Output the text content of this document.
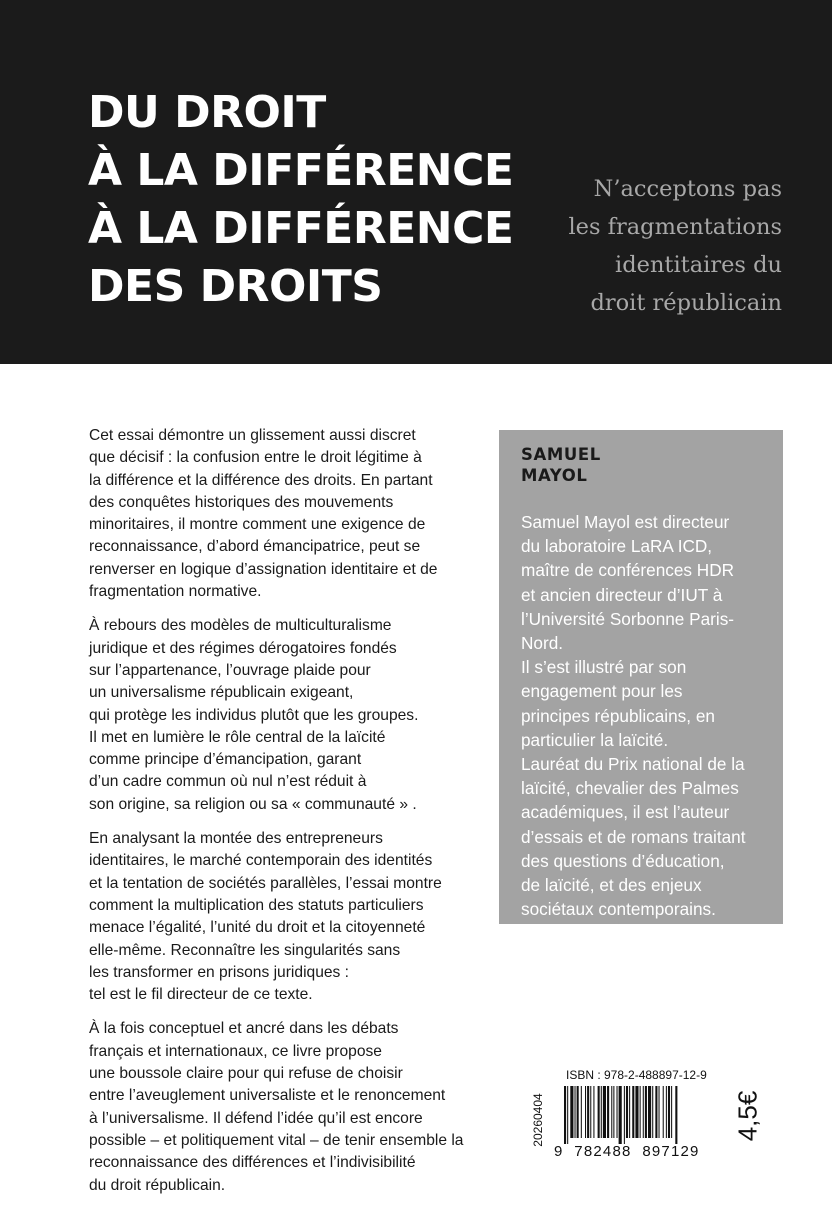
DU DROIT
À LA DIFFÉRENCE
À LA DIFFÉRENCE
DES DROITS
N’acceptons pas
les fragmentations
identitaires du
droit républicain

Cet essai démontre un glissement aussi discret
que décisif : la confusion entre le droit légitime à
la différence et la différence des droits. En partant
des conquêtes historiques des mouvements
minoritaires, il montre comment une exigence de
reconnaissance, d’abord émancipatrice, peut se
renverser en logique d’assignation identitaire et de
fragmentation normative.

À rebours des modèles de multiculturalisme
juridique et des régimes dérogatoires fondés
sur l’appartenance, l’ouvrage plaide pour
un universalisme républicain exigeant,
qui protège les individus plutôt que les groupes.
Il met en lumière le rôle central de la laïcité
comme principe d’émancipation, garant
d’un cadre commun où nul n’est réduit à
son origine, sa religion ou sa « communauté » .

En analysant la montée des entrepreneurs
identitaires, le marché contemporain des identités
et la tentation de sociétés parallèles, l’essai montre
comment la multiplication des statuts particuliers
menace l’égalité, l’unité du droit et la citoyenneté
elle-même. Reconnaître les singularités sans
les transformer en prisons juridiques :
tel est le fil directeur de ce texte.

À la fois conceptuel et ancré dans les débats
français et internationaux, ce livre propose
une boussole claire pour qui refuse de choisir
entre l’aveuglement universaliste et le renoncement
à l’universalisme. Il défend l’idée qu’il est encore
possible – et politiquement vital – de tenir ensemble la
reconnaissance des différences et l’indivisibilité
du droit républicain.

SAMUEL
MAYOL
Samuel Mayol est directeur
du laboratoire LaRA ICD,
maître de conférences HDR
et ancien directeur d’IUT à
l’Université Sorbonne Paris-
Nord.
Il s’est illustré par son
engagement pour les
principes républicains, en
particulier la laïcité.
Lauréat du Prix national de la
laïcité, chevalier des Palmes
académiques, il est l’auteur
d’essais et de romans traitant
des questions d’éducation,
de laïcité, et des enjeux
sociétaux contemporains.
ISBN : 978-2-488897-12-9
9 782488 897129
20260404	4,5€
